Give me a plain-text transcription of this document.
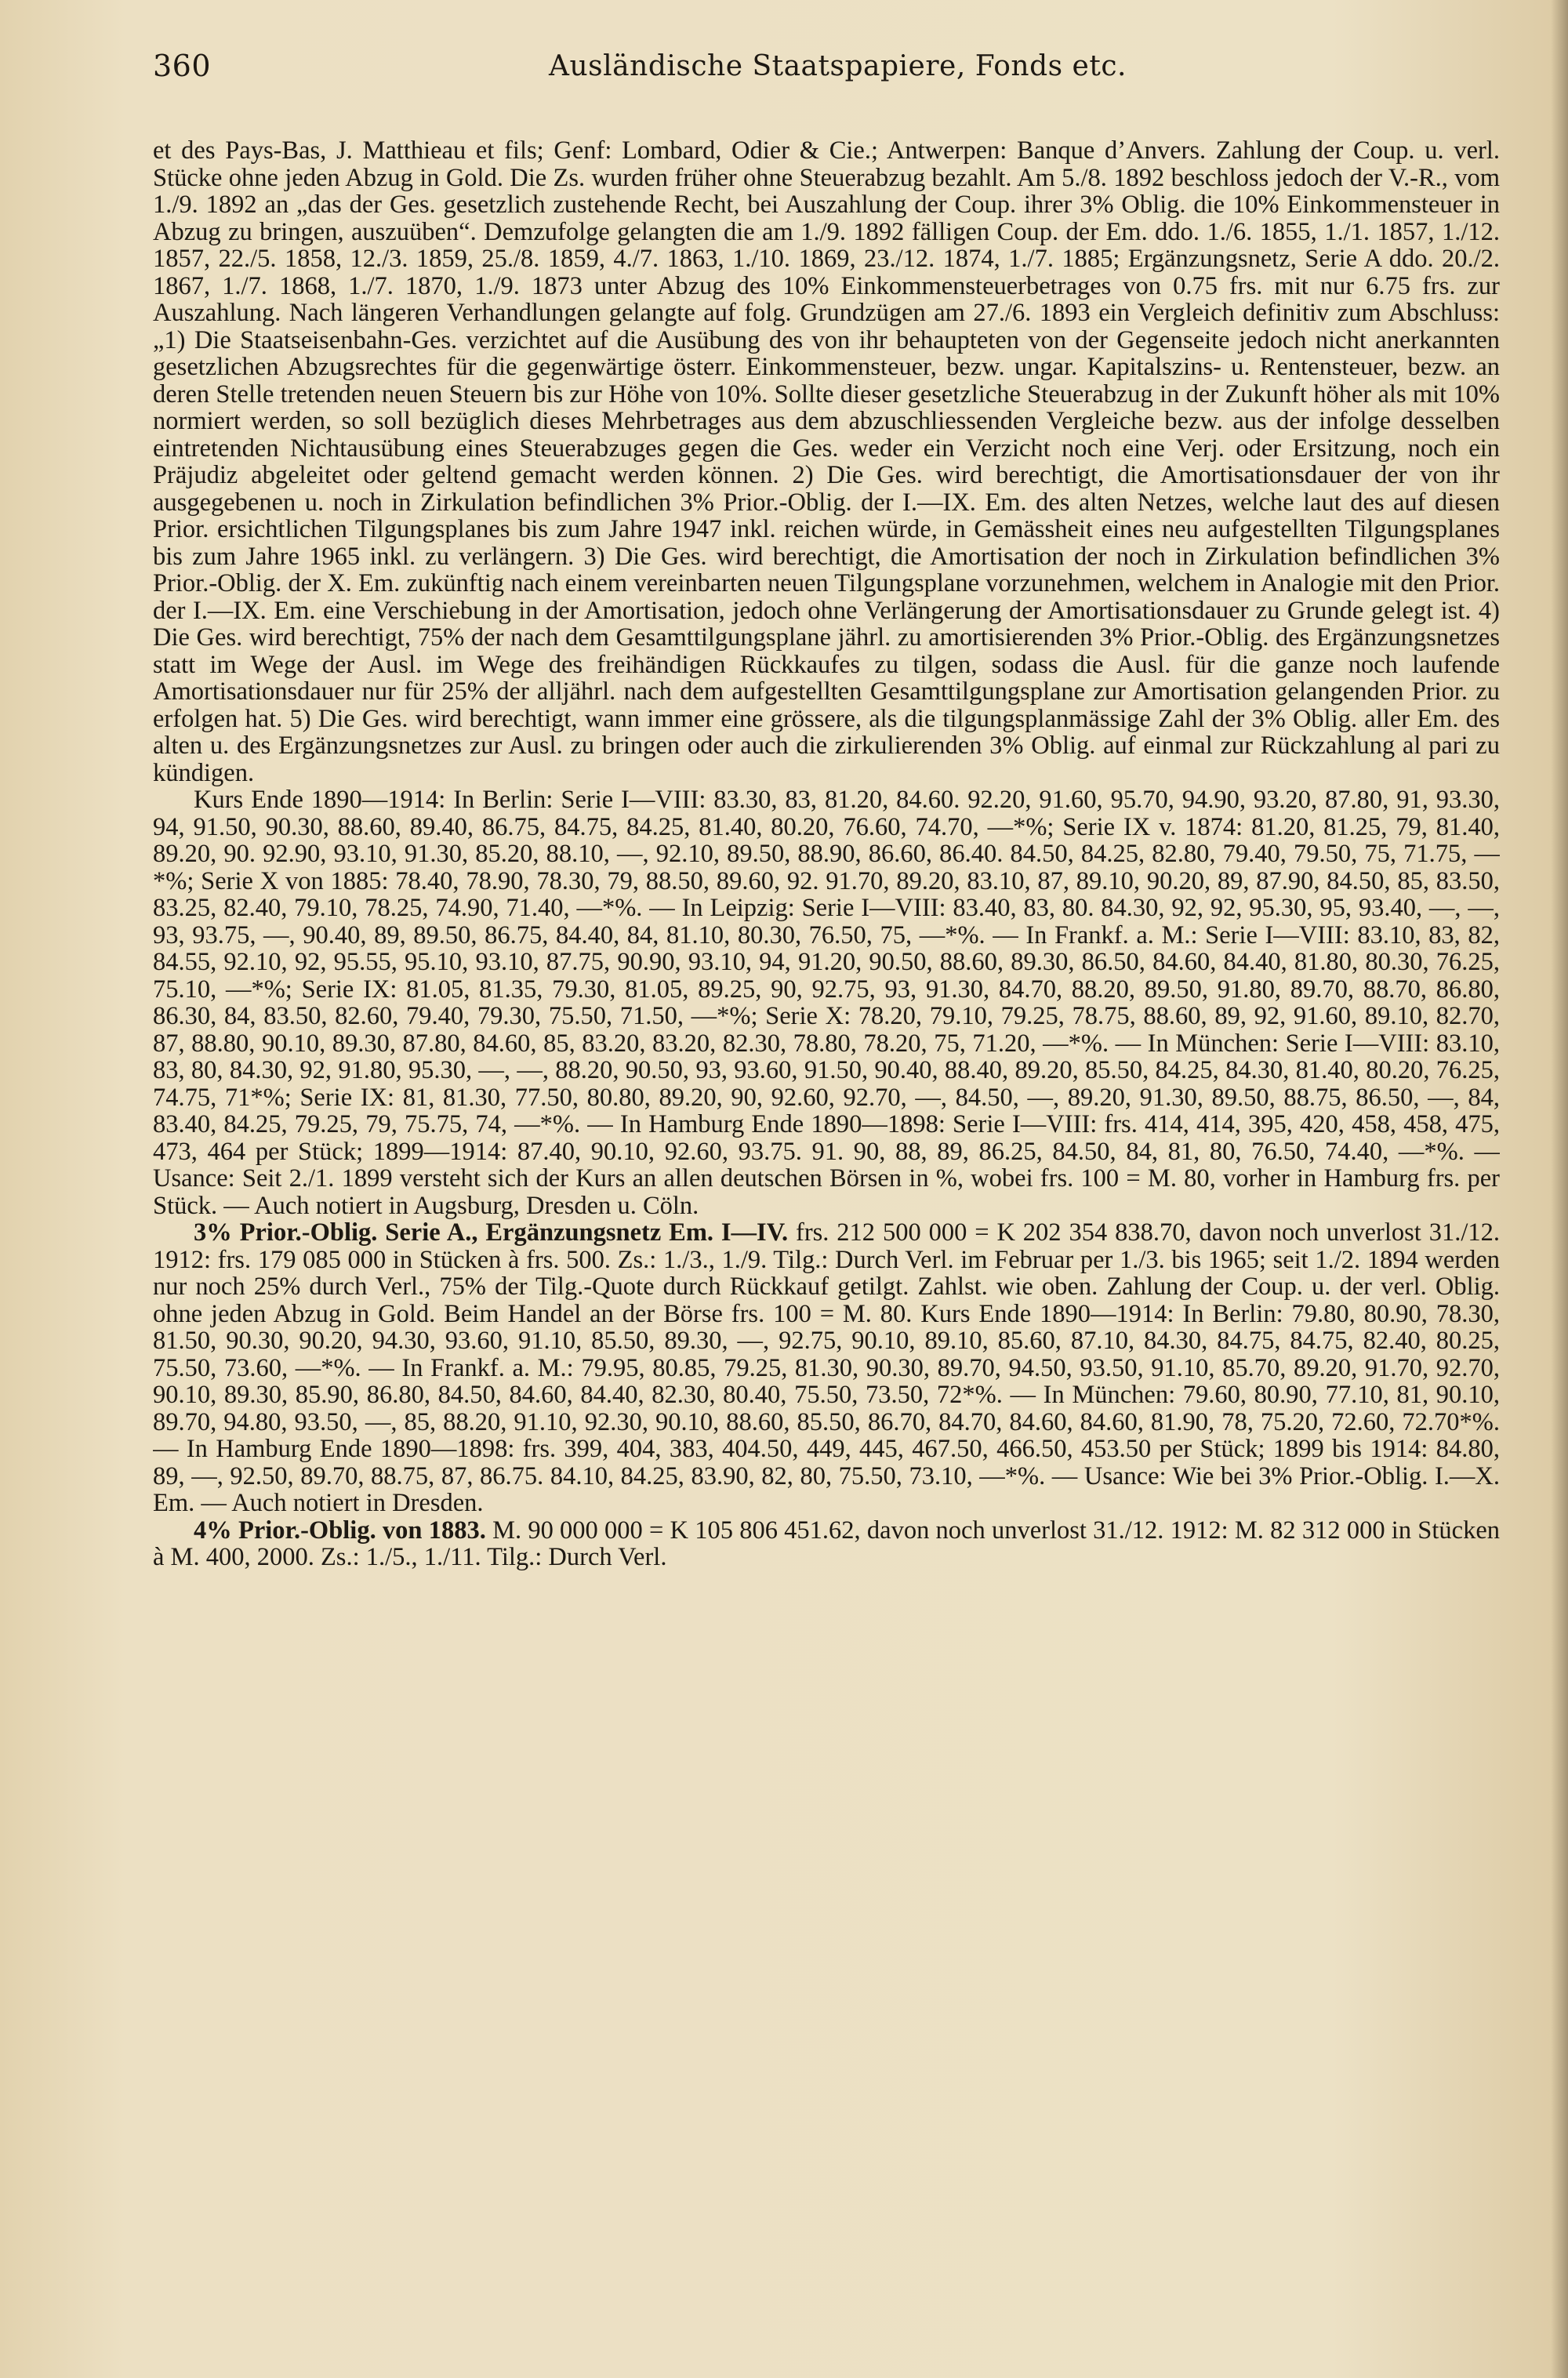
360	Ausländische Staatspapiere, Fonds etc.

et des Pays-Bas, J. Matthieau et fils; Genf: Lombard, Odier & Cie.; Antwerpen: Banque d’Anvers. Zahlung der Coup. u. verl. Stücke ohne jeden Abzug in Gold. Die Zs. wurden früher ohne Steuerabzug bezahlt. Am 5./8. 1892 beschloss jedoch der V.-R., vom 1./9. 1892 an „das der Ges. gesetzlich zustehende Recht, bei Auszahlung der Coup. ihrer 3% Oblig. die 10% Einkommensteuer in Abzug zu bringen, auszuüben“. Demzufolge gelangten die am 1./9. 1892 fälligen Coup. der Em. ddo. 1./6. 1855, 1./1. 1857, 1./12. 1857, 22./5. 1858, 12./3. 1859, 25./8. 1859, 4./7. 1863, 1./10. 1869, 23./12. 1874, 1./7. 1885; Ergänzungsnetz, Serie A ddo. 20./2. 1867, 1./7. 1868, 1./7. 1870, 1./9. 1873 unter Abzug des 10% Einkommensteuerbetrages von 0.75 frs. mit nur 6.75 frs. zur Auszahlung. Nach längeren Verhandlungen gelangte auf folg. Grundzügen am 27./6. 1893 ein Vergleich definitiv zum Abschluss: „1) Die Staatseisenbahn-Ges. verzichtet auf die Ausübung des von ihr behaupteten von der Gegenseite jedoch nicht anerkannten gesetzlichen Abzugsrechtes für die gegenwärtige österr. Einkommensteuer, bezw. ungar. Kapitalszins- u. Rentensteuer, bezw. an deren Stelle tretenden neuen Steuern bis zur Höhe von 10%. Sollte dieser gesetzliche Steuerabzug in der Zukunft höher als mit 10% normiert werden, so soll bezüglich dieses Mehrbetrages aus dem abzuschliessenden Vergleiche bezw. aus der infolge desselben eintretenden Nichtausübung eines Steuerabzuges gegen die Ges. weder ein Verzicht noch eine Verj. oder Ersitzung, noch ein Präjudiz abgeleitet oder geltend gemacht werden können. 2) Die Ges. wird berechtigt, die Amortisationsdauer der von ihr ausgegebenen u. noch in Zirkulation befindlichen 3% Prior.-Oblig. der I.—IX. Em. des alten Netzes, welche laut des auf diesen Prior. ersichtlichen Tilgungsplanes bis zum Jahre 1947 inkl. reichen würde, in Gemässheit eines neu aufgestellten Tilgungsplanes bis zum Jahre 1965 inkl. zu verlängern. 3) Die Ges. wird berechtigt, die Amortisation der noch in Zirkulation befindlichen 3% Prior.-Oblig. der X. Em. zukünftig nach einem vereinbarten neuen Tilgungsplane vorzunehmen, welchem in Analogie mit den Prior. der I.—IX. Em. eine Verschiebung in der Amortisation, jedoch ohne Verlängerung der Amortisationsdauer zu Grunde gelegt ist. 4) Die Ges. wird berechtigt, 75% der nach dem Gesamttilgungsplane jährl. zu amortisierenden 3% Prior.-Oblig. des Ergänzungsnetzes statt im Wege der Ausl. im Wege des freihändigen Rückkaufes zu tilgen, sodass die Ausl. für die ganze noch laufende Amortisationsdauer nur für 25% der alljährl. nach dem aufgestellten Gesamttilgungsplane zur Amortisation gelangenden Prior. zu erfolgen hat. 5) Die Ges. wird berechtigt, wann immer eine grössere, als die tilgungsplanmässige Zahl der 3% Oblig. aller Em. des alten u. des Ergänzungsnetzes zur Ausl. zu bringen oder auch die zirkulierenden 3% Oblig. auf einmal zur Rückzahlung al pari zu kündigen.

Kurs Ende 1890—1914: In Berlin: Serie I—VIII: 83.30, 83, 81.20, 84.60. 92.20, 91.60, 95.70, 94.90, 93.20, 87.80, 91, 93.30, 94, 91.50, 90.30, 88.60, 89.40, 86.75, 84.75, 84.25, 81.40, 80.20, 76.60, 74.70, —*%; Serie IX v. 1874: 81.20, 81.25, 79, 81.40, 89.20, 90. 92.90, 93.10, 91.30, 85.20, 88.10, —, 92.10, 89.50, 88.90, 86.60, 86.40. 84.50, 84.25, 82.80, 79.40, 79.50, 75, 71.75, —*%; Serie X von 1885: 78.40, 78.90, 78.30, 79, 88.50, 89.60, 92. 91.70, 89.20, 83.10, 87, 89.10, 90.20, 89, 87.90, 84.50, 85, 83.50, 83.25, 82.40, 79.10, 78.25, 74.90, 71.40, —*%. — In Leipzig: Serie I—VIII: 83.40, 83, 80. 84.30, 92, 92, 95.30, 95, 93.40, —, —, 93, 93.75, —, 90.40, 89, 89.50, 86.75, 84.40, 84, 81.10, 80.30, 76.50, 75, —*%. — In Frankf. a. M.: Serie I—VIII: 83.10, 83, 82, 84.55, 92.10, 92, 95.55, 95.10, 93.10, 87.75, 90.90, 93.10, 94, 91.20, 90.50, 88.60, 89.30, 86.50, 84.60, 84.40, 81.80, 80.30, 76.25, 75.10, —*%; Serie IX: 81.05, 81.35, 79.30, 81.05, 89.25, 90, 92.75, 93, 91.30, 84.70, 88.20, 89.50, 91.80, 89.70, 88.70, 86.80, 86.30, 84, 83.50, 82.60, 79.40, 79.30, 75.50, 71.50, —*%; Serie X: 78.20, 79.10, 79.25, 78.75, 88.60, 89, 92, 91.60, 89.10, 82.70, 87, 88.80, 90.10, 89.30, 87.80, 84.60, 85, 83.20, 83.20, 82.30, 78.80, 78.20, 75, 71.20, —*%. — In München: Serie I—VIII: 83.10, 83, 80, 84.30, 92, 91.80, 95.30, —, —, 88.20, 90.50, 93, 93.60, 91.50, 90.40, 88.40, 89.20, 85.50, 84.25, 84.30, 81.40, 80.20, 76.25, 74.75, 71*%; Serie IX: 81, 81.30, 77.50, 80.80, 89.20, 90, 92.60, 92.70, —, 84.50, —, 89.20, 91.30, 89.50, 88.75, 86.50, —, 84, 83.40, 84.25, 79.25, 79, 75.75, 74, —*%. — In Hamburg Ende 1890—1898: Serie I—VIII: frs. 414, 414, 395, 420, 458, 458, 475, 473, 464 per Stück; 1899—1914: 87.40, 90.10, 92.60, 93.75. 91. 90, 88, 89, 86.25, 84.50, 84, 81, 80, 76.50, 74.40, —*%. — Usance: Seit 2./1. 1899 versteht sich der Kurs an allen deutschen Börsen in %, wobei frs. 100 = M. 80, vorher in Hamburg frs. per Stück. — Auch notiert in Augsburg, Dresden u. Cöln.

3% Prior.-Oblig. Serie A., Ergänzungsnetz Em. I—IV. frs. 212 500 000 = K 202 354 838.70, davon noch unverlost 31./12. 1912: frs. 179 085 000 in Stücken à frs. 500. Zs.: 1./3., 1./9. Tilg.: Durch Verl. im Februar per 1./3. bis 1965; seit 1./2. 1894 werden nur noch 25% durch Verl., 75% der Tilg.-Quote durch Rückkauf getilgt. Zahlst. wie oben. Zahlung der Coup. u. der verl. Oblig. ohne jeden Abzug in Gold. Beim Handel an der Börse frs. 100 = M. 80. Kurs Ende 1890—1914: In Berlin: 79.80, 80.90, 78.30, 81.50, 90.30, 90.20, 94.30, 93.60, 91.10, 85.50, 89.30, —, 92.75, 90.10, 89.10, 85.60, 87.10, 84.30, 84.75, 84.75, 82.40, 80.25, 75.50, 73.60, —*%. — In Frankf. a. M.: 79.95, 80.85, 79.25, 81.30, 90.30, 89.70, 94.50, 93.50, 91.10, 85.70, 89.20, 91.70, 92.70, 90.10, 89.30, 85.90, 86.80, 84.50, 84.60, 84.40, 82.30, 80.40, 75.50, 73.50, 72*%. — In München: 79.60, 80.90, 77.10, 81, 90.10, 89.70, 94.80, 93.50, —, 85, 88.20, 91.10, 92.30, 90.10, 88.60, 85.50, 86.70, 84.70, 84.60, 84.60, 81.90, 78, 75.20, 72.60, 72.70*%. — In Hamburg Ende 1890—1898: frs. 399, 404, 383, 404.50, 449, 445, 467.50, 466.50, 453.50 per Stück; 1899 bis 1914: 84.80, 89, —, 92.50, 89.70, 88.75, 87, 86.75. 84.10, 84.25, 83.90, 82, 80, 75.50, 73.10, —*%. — Usance: Wie bei 3% Prior.-Oblig. I.—X. Em. — Auch notiert in Dresden.

4% Prior.-Oblig. von 1883. M. 90 000 000 = K 105 806 451.62, davon noch unverlost 31./12. 1912: M. 82 312 000 in Stücken à M. 400, 2000. Zs.: 1./5., 1./11. Tilg.: Durch Verl.
